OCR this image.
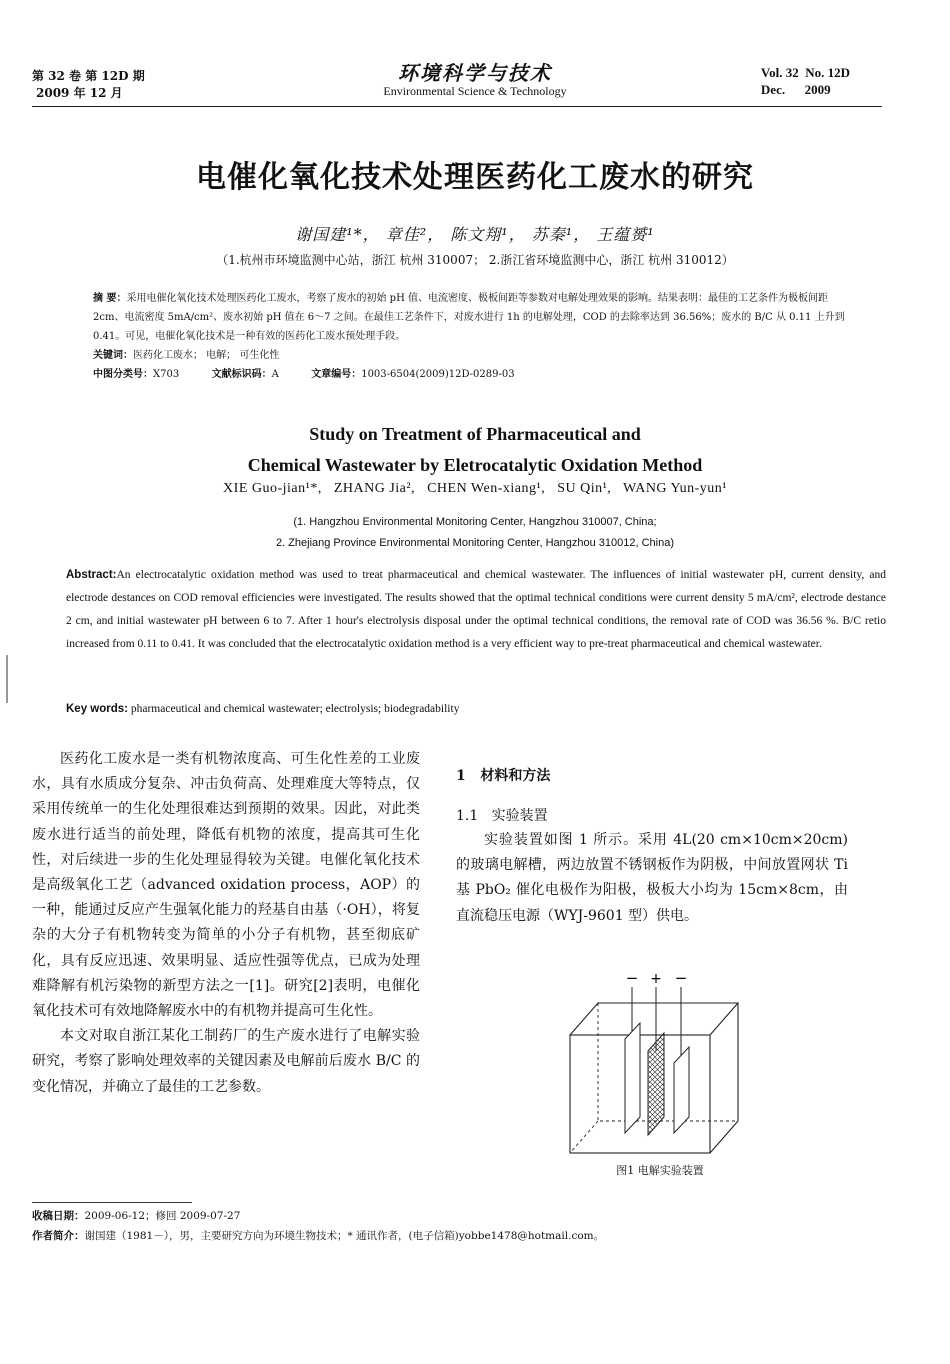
第 32 卷 第 12D 期
2009 年 12 月
环境科学与技术
Environmental Science & Technology
Vol. 32  No. 12D
Dec.      2009
电催化氧化技术处理医药化工废水的研究
谢国建¹*， 章佳²， 陈文翔¹， 苏秦¹， 王蕴赟¹
（1.杭州市环境监测中心站，浙江 杭州 310007； 2.浙江省环境监测中心，浙江 杭州 310012）
摘 要：采用电催化氧化技术处理医药化工废水，考察了废水的初始 pH 值、电流密度、极板间距等参数对电解处理效果的影响。结果表明：最佳的工艺条件为极板间距 2cm、电流密度 5mA/cm²、废水初始 pH 值在 6～7 之间。在最佳工艺条件下，对废水进行 1h 的电解处理，COD 的去除率达到 36.56%；废水的 B/C 从 0.11 上升到 0.41。可见，电催化氧化技术是一种有效的医药化工废水预处理手段。
关键词：医药化工废水； 电解； 可生化性
中图分类号：X703	文献标识码：A	文章编号：1003-6504(2009)12D-0289-03
Study on Treatment of Pharmaceutical and
Chemical Wastewater by Eletrocatalytic Oxidation Method
XIE Guo-jian¹*,   ZHANG Jia²,   CHEN Wen-xiang¹,   SU Qin¹,   WANG Yun-yun¹
(1. Hangzhou Environmental Monitoring Center, Hangzhou 310007, China;
2. Zhejiang Province Environmental Monitoring Center, Hangzhou 310012, China)
Abstract:An electrocatalytic oxidation method was used to treat pharmaceutical and chemical wastewater. The influences of initial wastewater pH, current density, and electrode destances on COD removal efficiencies were investigated. The results showed that the optimal technical conditions were current density 5 mA/cm², electrode destance 2 cm, and initial wastewater pH between 6 to 7. After 1 hour's electrolysis disposal under the optimal technical conditions, the removal rate of COD was 36.56 %. B/C retio increased from 0.11 to 0.41. It was concluded that the electrocatalytic oxidation method is a very efficient way to pre-treat pharmaceutical and chemical wastewater.
Key words: pharmaceutical and chemical wastewater; electrolysis; biodegradability

医药化工废水是一类有机物浓度高、可生化性差的工业废水，具有水质成分复杂、冲击负荷高、处理难度大等特点，仅采用传统单一的生化处理很难达到预期的效果。因此，对此类废水进行适当的前处理，降低有机物的浓度，提高其可生化性，对后续进一步的生化处理显得较为关键。电催化氧化技术是高级氧化工艺（advanced oxidation process，AOP）的一种，能通过反应产生强氧化能力的羟基自由基（·OH），将复杂的大分子有机物转变为简单的小分子有机物，甚至彻底矿化，具有反应迅速、效果明显、适应性强等优点，已成为处理难降解有机污染物的新型方法之一[1]。研究[2]表明，电催化氧化技术可有效地降解废水中的有机物并提高可生化性。

本文对取自浙江某化工制药厂的生产废水进行了电解实验研究，考察了影响处理效率的关键因素及电解前后废水 B/C 的变化情况，并确立了最佳的工艺参数。

1   材料和方法
1.1   实验装置

实验装置如图 1 所示。采用 4L(20 cm×10cm×20cm)的玻璃电解槽，两边放置不锈钢板作为阴极，中间放置网状 Ti 基 PbO₂ 催化电极作为阳极，极板大小均为 15cm×8cm，由直流稳压电源（WYJ-9601 型）供电。

− + −
图1 电解实验装置
收稿日期：2009-06-12；修回 2009-07-27
作者简介：谢国建（1981－），男，主要研究方向为环境生物技术；* 通讯作者，(电子信箱)yobbe1478@hotmail.com。
